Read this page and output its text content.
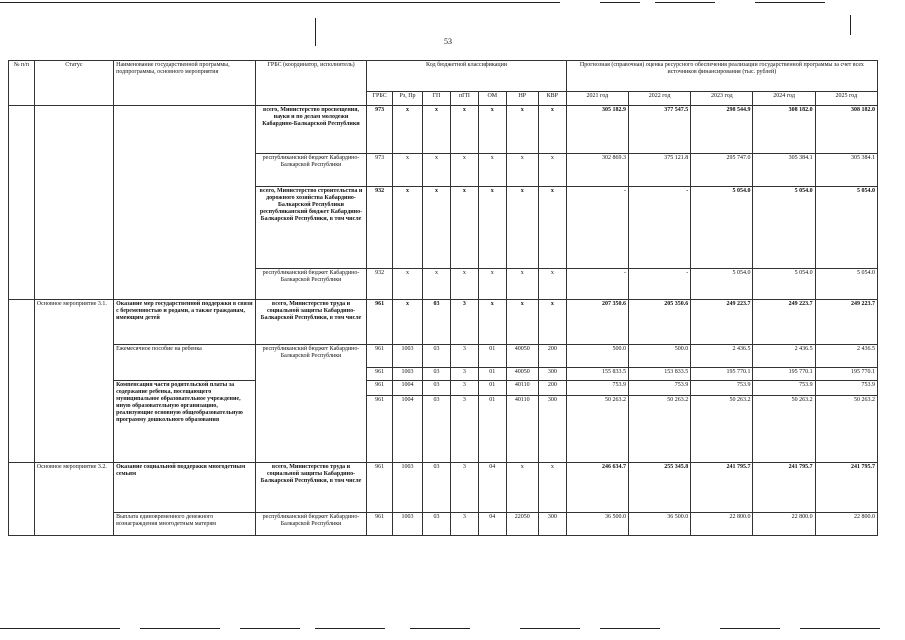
53
№ п/п	Статус	Наименование государственной программы, подпрограммы, основного мероприятия	ГРБС (координатор, исполнитель)	Код бюджетной классификации							Прогнозная (справочная) оценка ресурсного обеспечения реализации государственной программы за счет всех источников финансирования (тыс. рублей)				
				ГРБС	Рз, Пр	ГП	пГП	ОМ	НР	КВР	2021 год	2022 год	2023 год	2024 год	2025 год
			всего, Министерство просвещения, науки и по делам молодежи Кабардино-Балкарской Республики	973	х	х	х	х	х	х	305 182.9	377 547.5	298 544.9	308 182.0	308 182.0
			республиканский бюджет Кабардино-Балкарской Республики	973	х	х	х	х	х	х	302 869.3	375 121.8	295 747.0	305 384.1	305 384.1
			всего, Министерство строительства и дорожного хозяйства Кабардино-Балкарской Республики республиканский бюджет Кабардино-Балкарской Республики, в том числе	932	х	х	х	х	х	х	-	-	5 054.0	5 054.0	5 054.0
			республиканский бюджет Кабардино-Балкарской Республики	932	х	х	х	х	х	х	-	-	5 054.0	5 054.0	5 054.0
	Основное мероприятие 3.1.	Оказание мер государственной поддержки в связи с беременностью и родами, а также гражданам, имеющим детей	всего, Министерство труда и социальной защиты Кабардино-Балкарской Республики, в том числе	961	х	03	3	х	х	х	207 350.6	205 350.6	249 223.7	249 223.7	249 223.7
		Ежемесячное пособие на ребенка	республиканский бюджет Кабардино-Балкарской Республики	961	1003	03	3	01	40050	200	500.0	500.0	2 436.5	2 436.5	2 436.5
				961	1003	03	3	01	40050	300	155 833.5	153 833.5	195 770.1	195 770.1	195 770.1
		Компенсация части родительской платы за содержание ребенка, посещающего муниципальное образовательное учреждение, иную образовательную организацию, реализующие основную общеобразовательную программу дошкольного образования		961	1004	03	3	01	40110	200	753.9	753.9	753.9	753.9	753.9
				961	1004	03	3	01	40110	300	50 263.2	50 263.2	50 263.2	50 263.2	50 263.2
	Основное мероприятие 3.2.	Оказание социальной поддержки многодетным семьям	всего, Министерство труда и социальной защиты Кабардино-Балкарской Республики, в том числе	961	1003	03	3	04	х	х	246 634.7	255 345.8	241 795.7	241 795.7	241 795.7
		Выплата единовременного денежного вознаграждения многодетным матерям	республиканский бюджет Кабардино-Балкарской Республики	961	1003	03	3	04	22050	300	36 500.0	36 500.0	22 800.0	22 800.0	22 800.0
